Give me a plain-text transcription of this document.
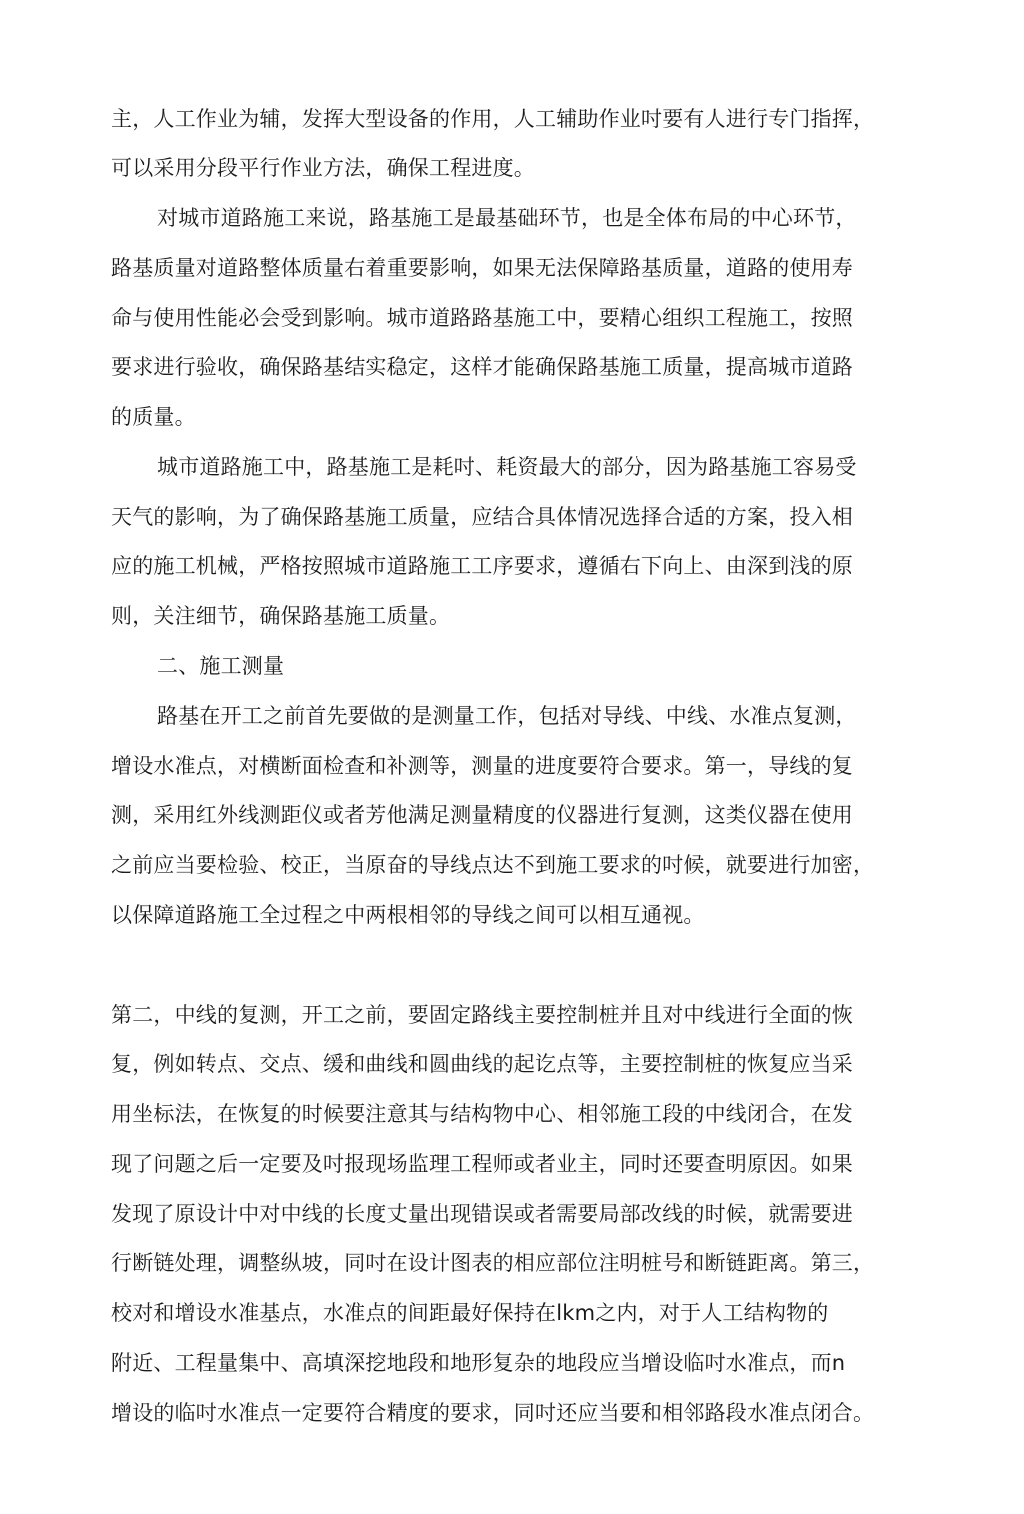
主，人工作业为辅，发挥大型设备的作用，人工辅助作业吋要有人进行专门指挥，
可以采用分段平行作业方法，确保工程进度。
对城市道路施工来说，路基施工是最基础环节，也是全体布局的中心环节，
路基质量对道路整体质量右着重要影响，如果无法保障路基质量，道路的使用寿
命与使用性能必会受到影响。城市道路路基施工中，要精心组织工程施工，按照
要求进行验收，确保路基结实稳定，这样才能确保路基施工质量，提高城市道路
的质量。
城市道路施工中，路基施工是耗吋、耗资最大的部分，因为路基施工容易受
天气的影响，为了确保路基施工质量，应结合具体情况选择合适的方案，投入相
应的施工机械，严格按照城市道路施工工序要求，遵循右下向上、由深到浅的原
则，关注细节，确保路基施工质量。
二、施工测量
路基在开工之前首先要做的是测量工作，包括对导线、中线、水准点复测，
增设水准点，对横断面检查和补测等，测量的进度要符合要求。第一，导线的复
测，采用红外线测距仪或者芳他满足测量精度的仪器进行复测，这类仪器在使用
之前应当要检验、校正，当原奋的导线点达不到施工要求的吋候，就要进行加密，
以保障道路施工全过程之中两根相邻的导线之间可以相互通视。
第二，中线的复测，开工之前，要固定路线主要控制桩并且对中线进行全面的恢
复，例如转点、交点、缓和曲线和圆曲线的起讫点等，主要控制桩的恢复应当采
用坐标法，在恢复的时候要注意其与结构物中心、相邻施工段的中线闭合，在发
现了问题之后一定要及吋报现场监理工程师或者业主，同时还要查明原因。如果
发现了原设计中对中线的长度丈量出现错误或者需要局部改线的时候，就需要进
行断链处理，调整纵坡，同吋在设计图表的相应部位注明桩号和断链距离。第三，
校对和增设水准基点，水准点的间距最好保持在lkm之内，对于人工结构物的
附近、工程量集中、高填深挖地段和地形复杂的地段应当增设临吋水准点，而n
增设的临吋水准点一定要符合精度的要求，同吋还应当要和相邻路段水准点闭合。
